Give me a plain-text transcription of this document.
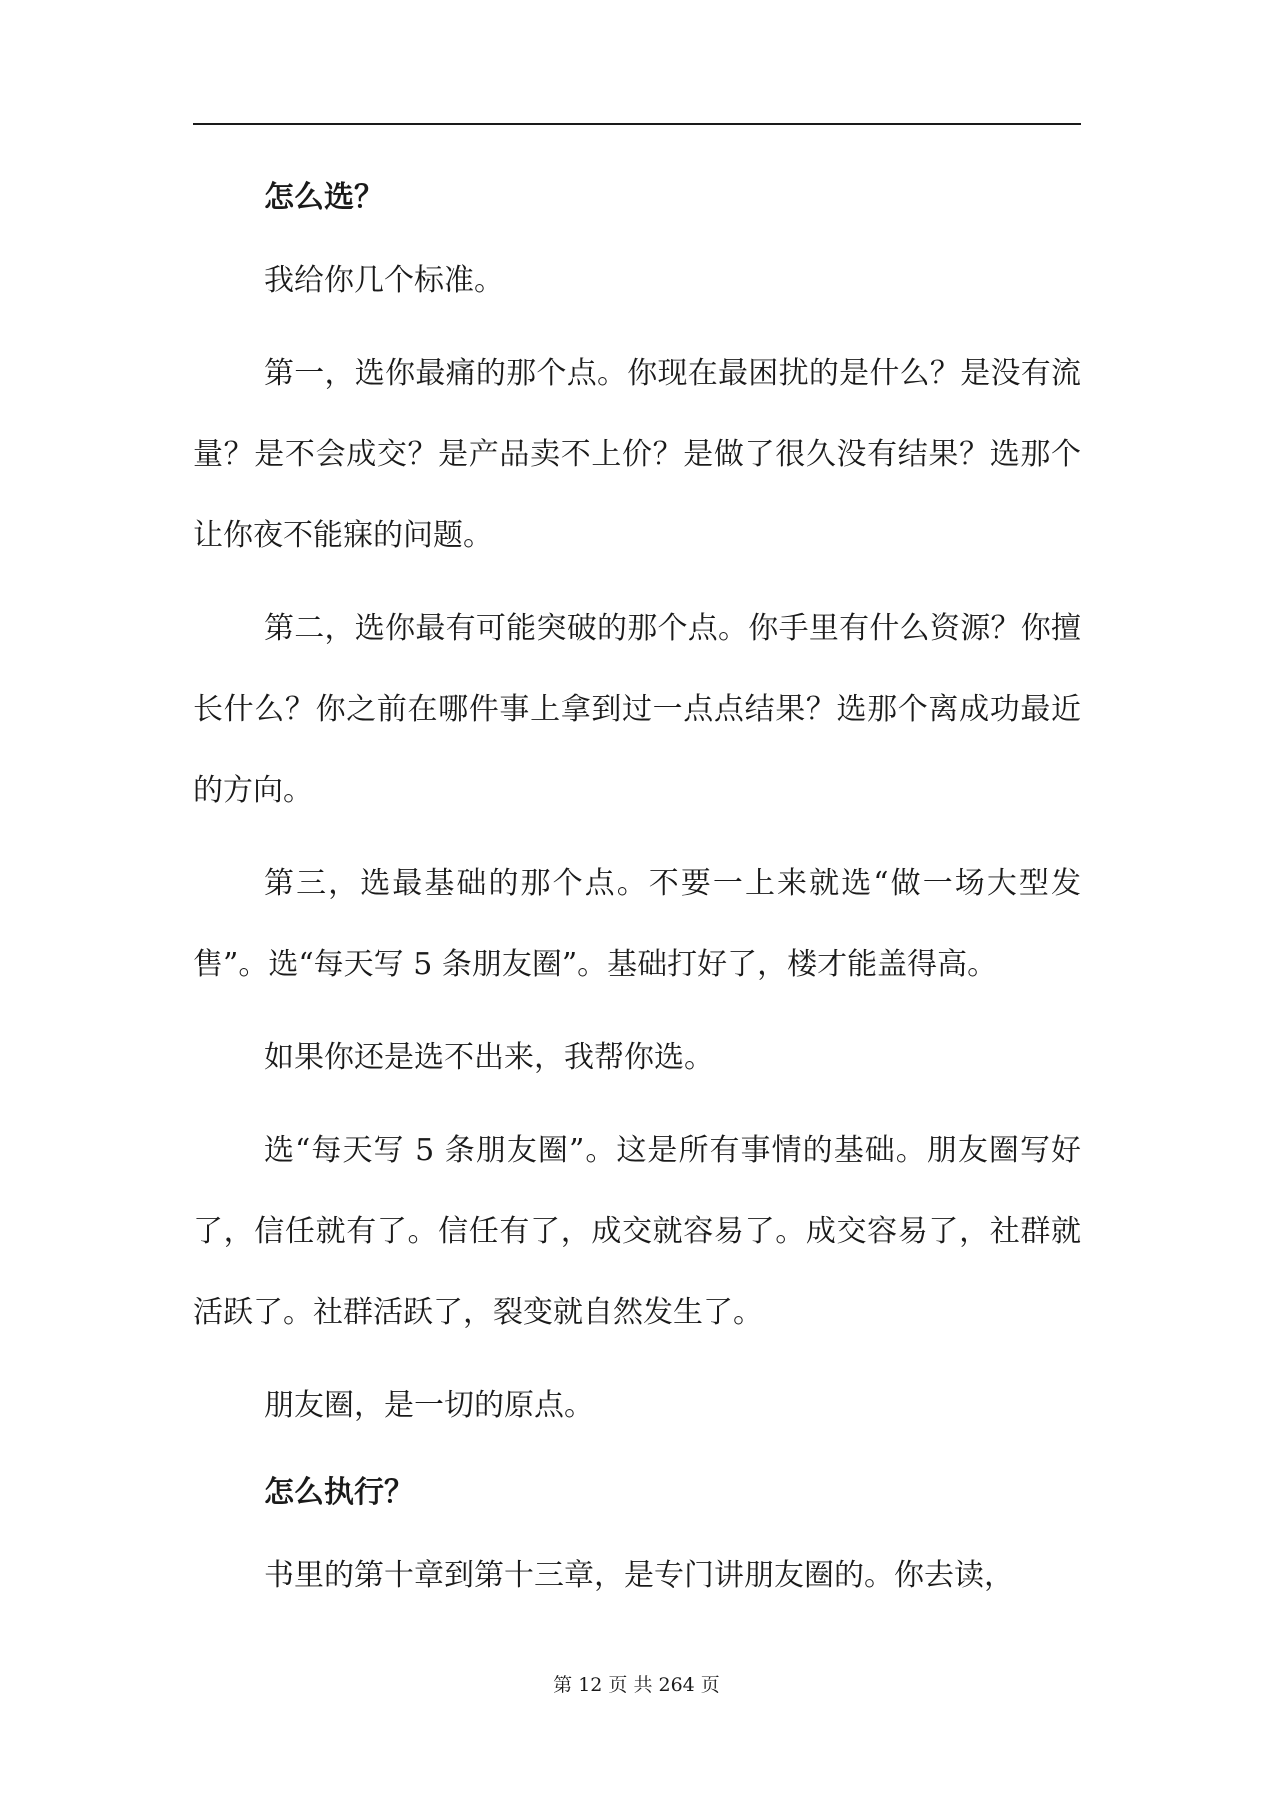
怎么选？

我给你几个标准。

第一，选你最痛的那个点。你现在最困扰的是什么？是没有流量？是不会成交？是产品卖不上价？是做了很久没有结果？选那个让你夜不能寐的问题。

第二，选你最有可能突破的那个点。你手里有什么资源？你擅长什么？你之前在哪件事上拿到过一点点结果？选那个离成功最近的方向。

第三，选最基础的那个点。不要一上来就选“做一场大型发售”。选“每天写 5 条朋友圈”。基础打好了，楼才能盖得高。

如果你还是选不出来，我帮你选。

选“每天写 5 条朋友圈”。这是所有事情的基础。朋友圈写好了，信任就有了。信任有了，成交就容易了。成交容易了，社群就活跃了。社群活跃了，裂变就自然发生了。

朋友圈，是一切的原点。

怎么执行？

书里的第十章到第十三章，是专门讲朋友圈的。你去读，

第 12 页 共 264 页
